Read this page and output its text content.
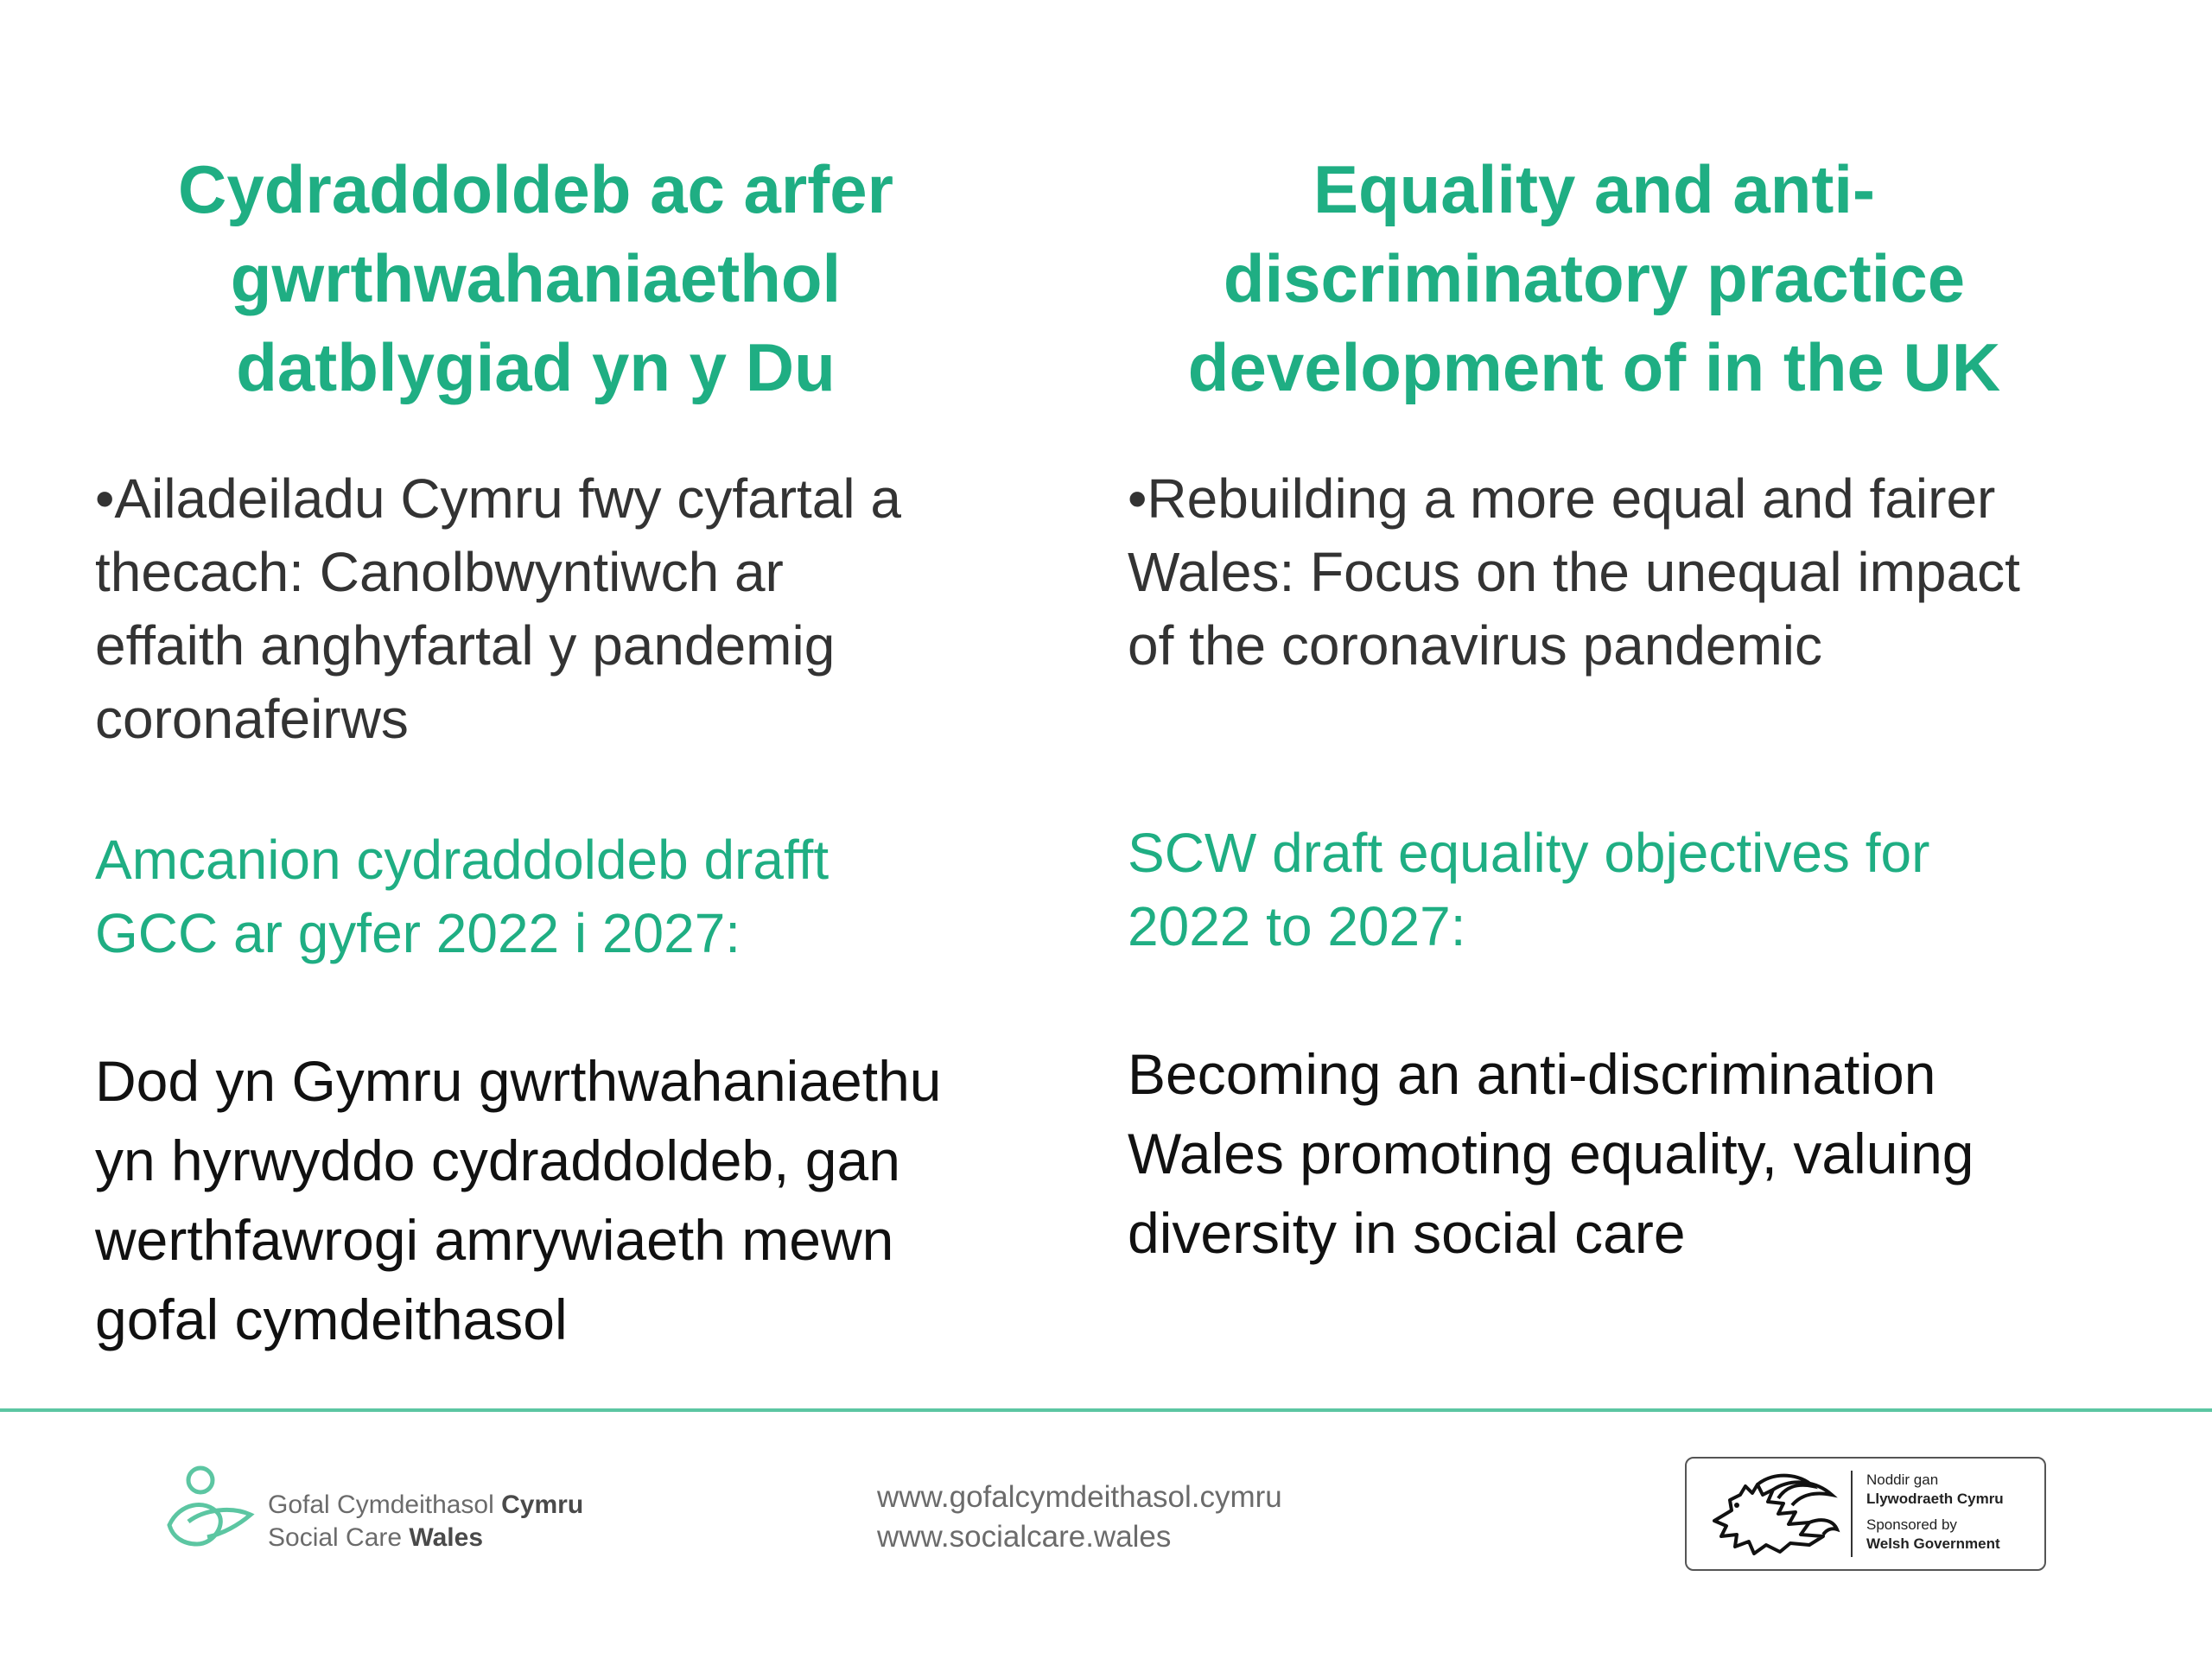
Cydraddoldeb ac arfer
gwrthwahaniaethol
datblygiad yn y Du

•Ailadeiladu Cymru fwy cyfartal a
thecach: Canolbwyntiwch ar
effaith anghyfartal y pandemig
coronafeirws

Amcanion cydraddoldeb drafft
GCC ar gyfer 2022 i 2027:

Dod yn Gymru gwrthwahaniaethu
yn hyrwyddo cydraddoldeb, gan
werthfawrogi amrywiaeth mewn
gofal cymdeithasol

Equality and anti-
discriminatory practice
development of in the UK

•Rebuilding a more equal and fairer
Wales: Focus on the unequal impact
of the coronavirus pandemic

SCW draft equality objectives for
2022 to 2027:

Becoming an anti-discrimination
Wales promoting equality, valuing
diversity in social care

Gofal Cymdeithasol Cymru
Social Care Wales
www.gofalcymdeithasol.cymru
www.socialcare.wales
Noddir gan
Llywodraeth Cymru
Sponsored by
Welsh Government
